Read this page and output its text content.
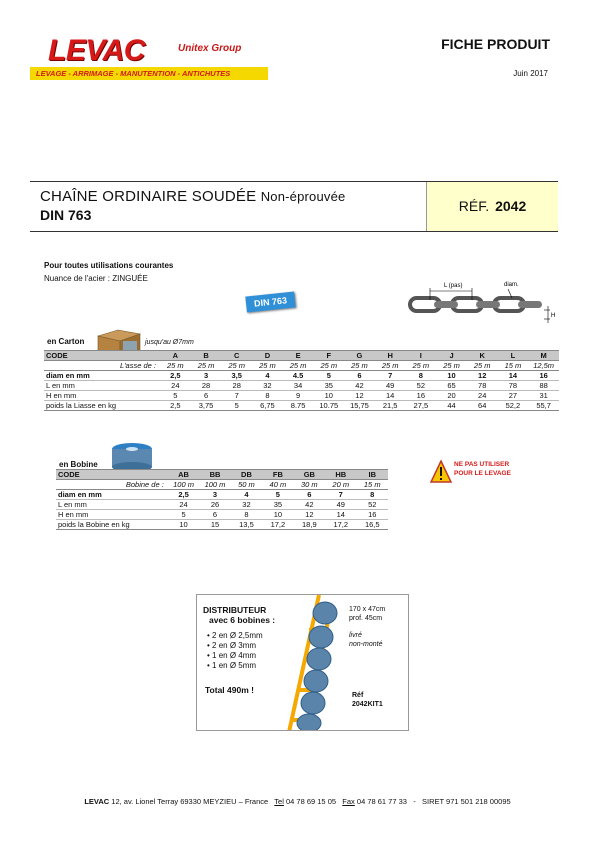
LEVAC	Unitex Group
LEVAGE - ARRIMAGE - MANUTENTION - ANTICHUTES
FICHE PRODUIT
Juin 2017
CHAÎNE ORDINAIRE SOUDÉE Non-éprouvée
DIN 763
RÉF. 2042
Pour toutes utilisations courantes
Nuance de l'acier : ZINGUÉE
DIN 763
L (pas)	diam.
H
en Carton	jusqu'au Ø7mm
CODE	A	B	C	D	E	F	G	H	I	J	K	L	M
L'asse de :	25 m	25 m	25 m	25 m	25 m	25 m	25 m	25 m	25 m	25 m	25 m	15 m	12,5m
diam en mm	2,5	3	3,5	4	4.5	5	6	7	8	10	12	14	16
L en mm	24	28	28	32	34	35	42	49	52	65	78	78	88
H en mm	5	6	7	8	9	10	12	14	16	20	24	27	31
poids la Liasse en kg	2,5	3,75	5	6,75	8.75	10.75	15,75	21,5	27,5	44	64	52,2	55,7
en Bobine
CODE	AB	BB	DB	FB	GB	HB	IB
Bobine de :	100 m	100 m	50 m	40 m	30 m	20 m	15 m
diam en mm	2,5	3	4	5	6	7	8
L en mm	24	26	32	35	42	49	52
H en mm	5	6	8	10	12	14	16
poids la Bobine en kg	10	15	13,5	17,2	18,9	17,2	16,5
NE PAS UTILISER
POUR LE LEVAGE
DISTRIBUTEUR
avec 6 bobines :
• 2 en Ø 2,5mm
• 2 en Ø 3mm
• 1 en Ø 4mm
• 1 en Ø 5mm
Total 490m !
170 x 47cm
prof. 45cm
livré
non-monté
Réf
2042KIT1
LEVAC 12, av. Lionel Terray 69330 MEYZIEU – France Tel 04 78 69 15 05 Fax 04 78 61 77 33 - SIRET 971 501 218 00095
